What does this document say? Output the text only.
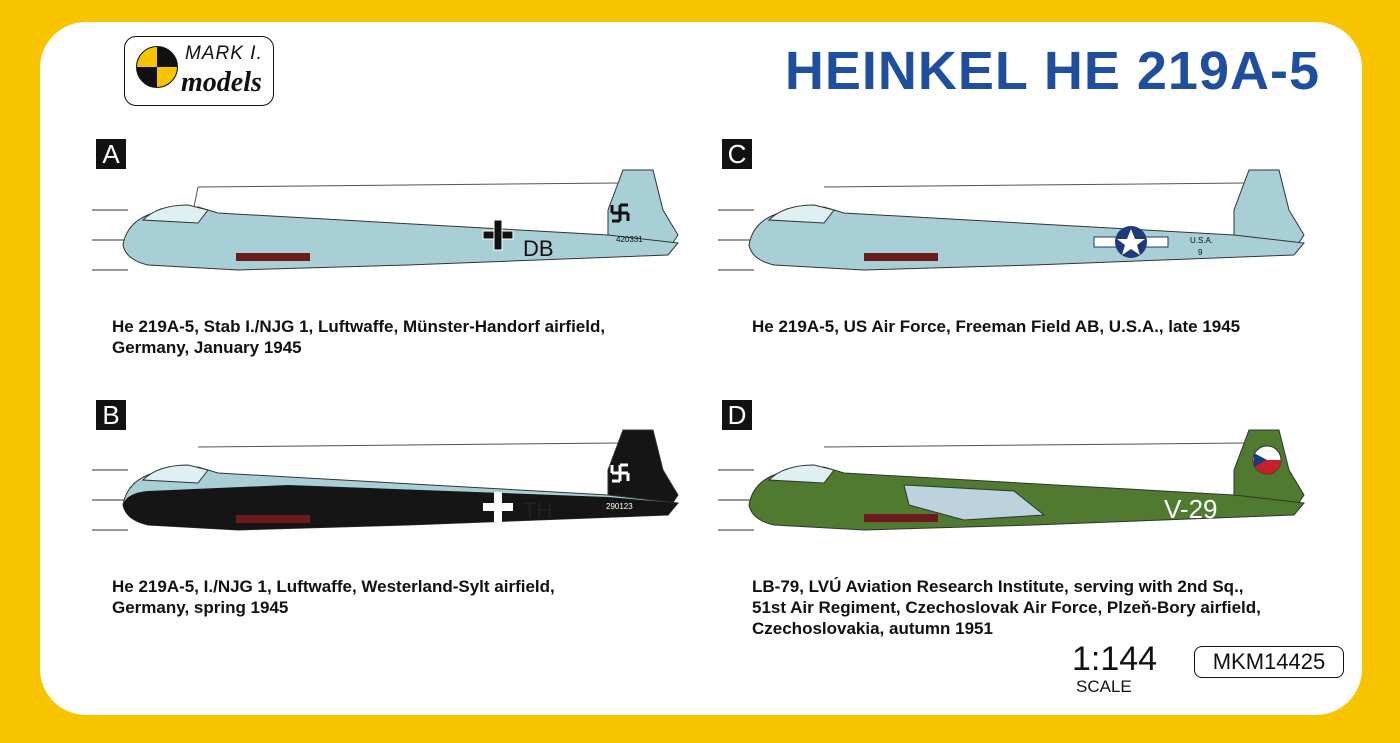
MARK I.
models	HEINKEL HE 219A-5
A
DB	420331
He 219A-5, Stab I./NJG 1, Luftwaffe, Münster-Handorf airfield,
Germany, January 1945
B
TH	290123
He 219A-5, I./NJG 1, Luftwaffe, Westerland-Sylt airfield,
Germany, spring 1945
C
U.S.A.
9
He 219A-5, US Air Force, Freeman Field AB, U.S.A., late 1945
D
V-29
LB-79, LVÚ Aviation Research Institute, serving with 2nd Sq.,
51st Air Regiment, Czechoslovak Air Force, Plzeň-Bory airfield,
Czechoslovakia, autumn 1951
1:144
SCALE
MKM14425
